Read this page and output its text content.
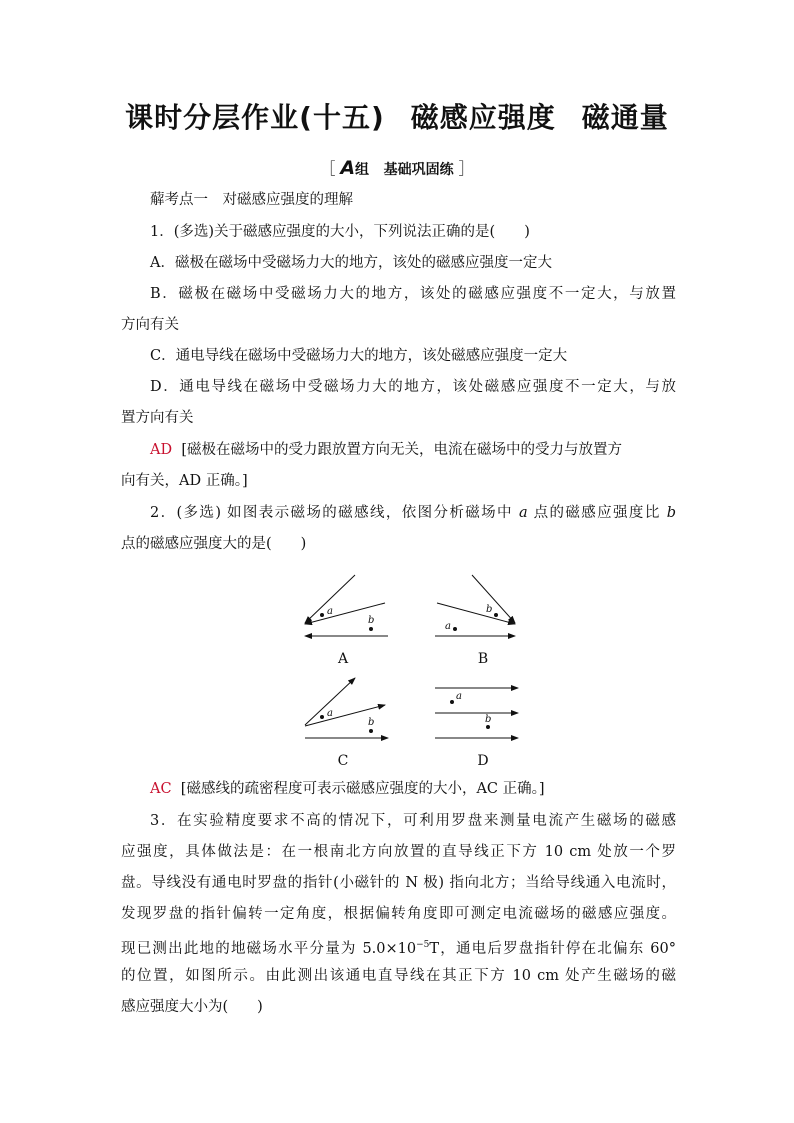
课时分层作业(十五) 磁感应强度 磁通量
［ A组 基础巩固练 ］
薢考点一　对磁感应强度的理解
1．(多选)关于磁感应强度的大小，下列说法正确的是(　　)
A．磁极在磁场中受磁场力大的地方，该处的磁感应强度一定大
B．磁极在磁场中受磁场力大的地方，该处的磁感应强度不一定大，与放置
方向有关
C．通电导线在磁场中受磁场力大的地方，该处磁感应强度一定大
D．通电导线在磁场中受磁场力大的地方，该处磁感应强度不一定大，与放
置方向有关
AD [磁极在磁场中的受力跟放置方向无关，电流在磁场中的受力与放置方
向有关，AD 正确。]
2．(多选) 如图表示磁场的磁感线，依图分析磁场中 a 点的磁感应强度比 b
点的磁感应强度大的是(　　)
a
b
a
b
a
b
a
b
A	B
C	D
AC [磁感线的疏密程度可表示磁感应强度的大小，AC 正确。]
3．在实验精度要求不高的情况下，可利用罗盘来测量电流产生磁场的磁感
应强度，具体做法是：在一根南北方向放置的直导线正下方 10 cm 处放一个罗
盘。导线没有通电时罗盘的指针(小磁针的 N 极) 指向北方；当给导线通入电流时，
发现罗盘的指针偏转一定角度，根据偏转角度即可测定电流磁场的磁感应强度。
现已测出此地的地磁场水平分量为 $5.0\times 10^{-5}T$，通电后罗盘指针停在北偏东 60°
的位置，如图所示。由此测出该通电直导线在其正下方 10 cm 处产生磁场的磁
感应强度大小为(　　)
